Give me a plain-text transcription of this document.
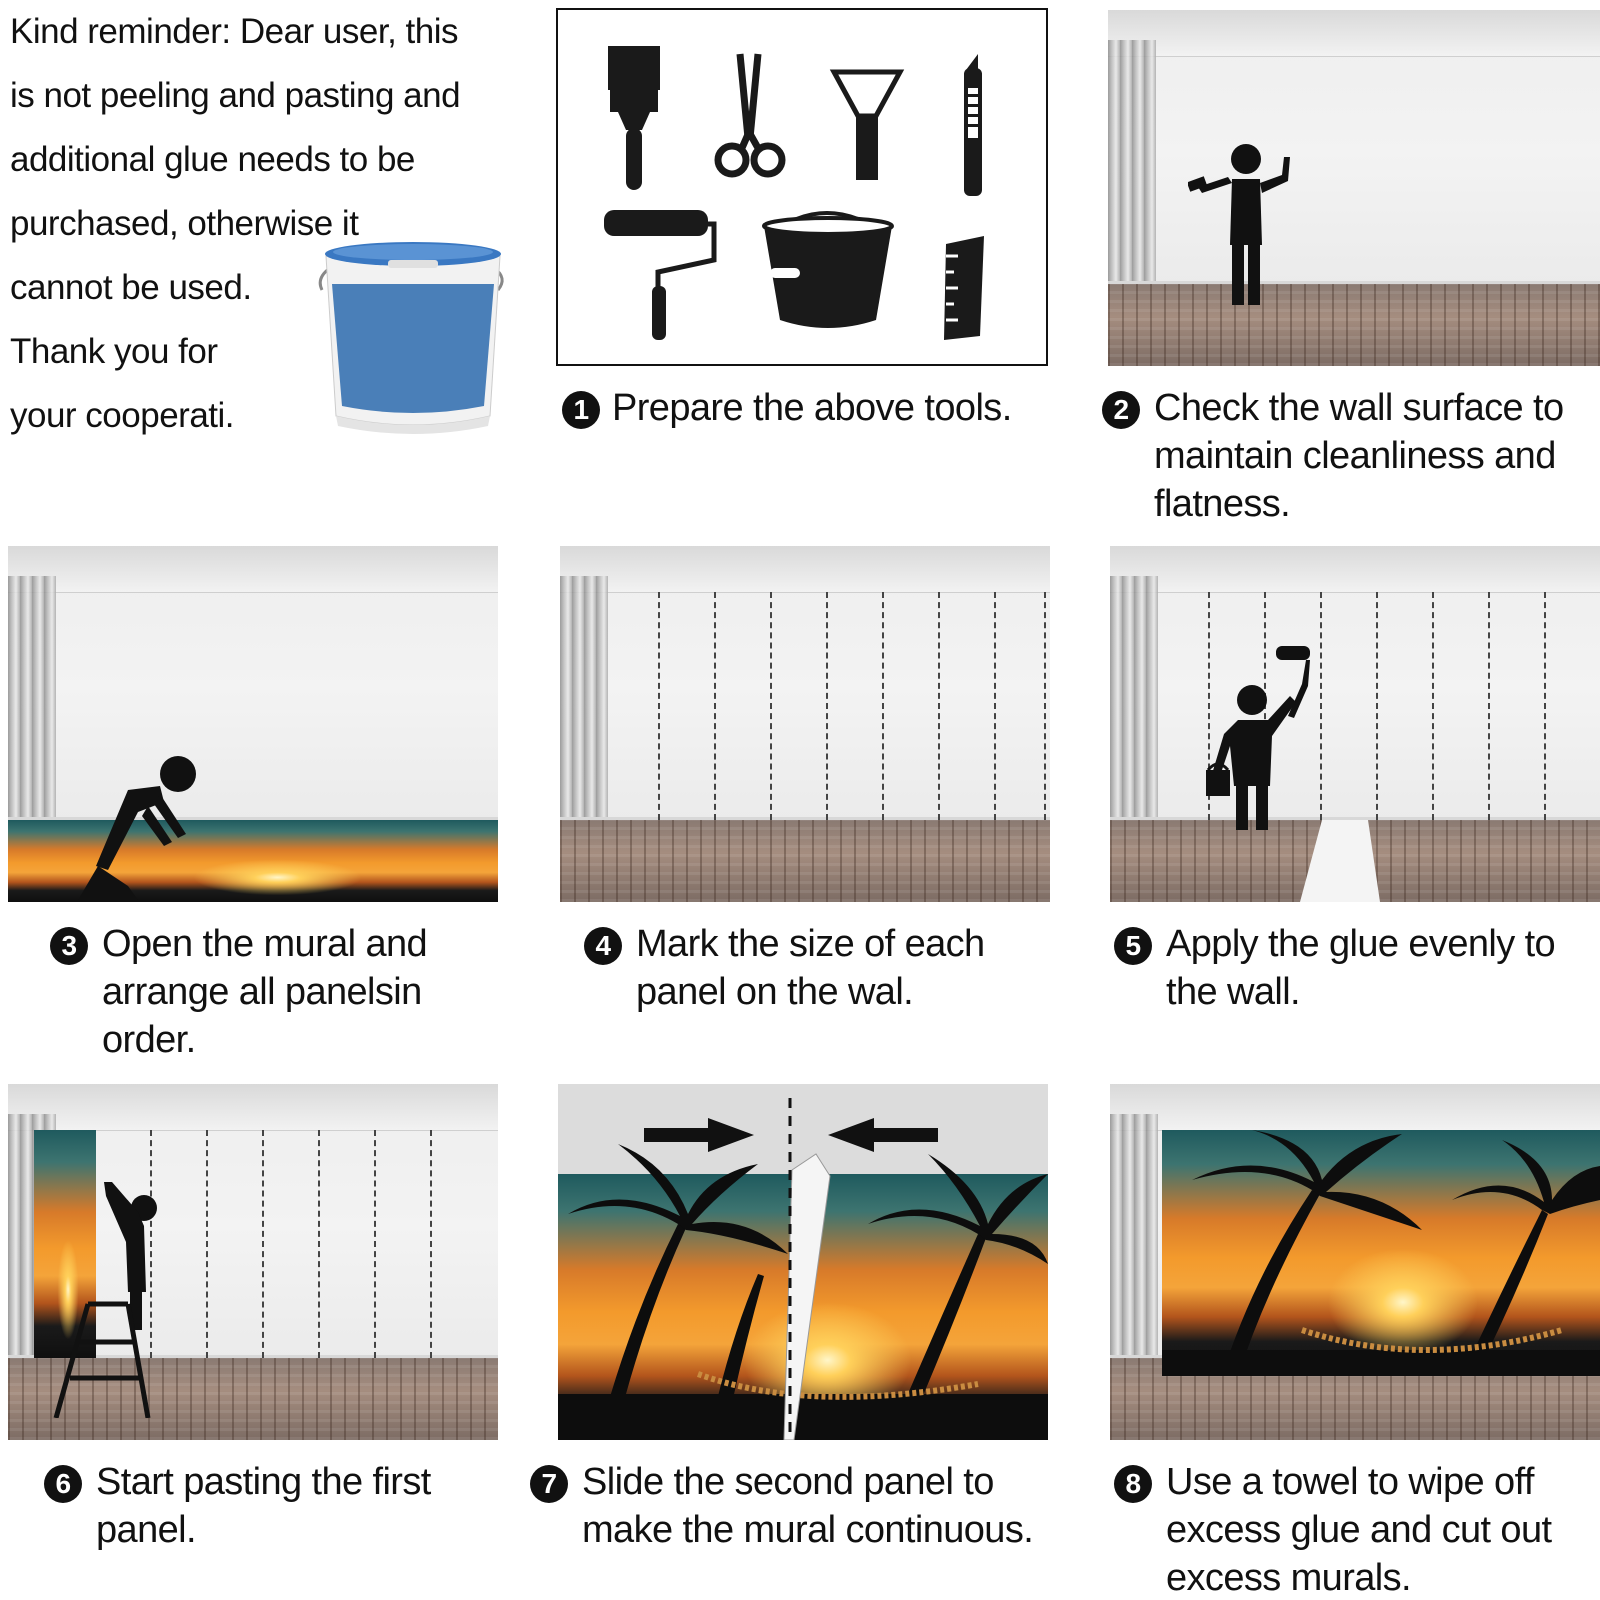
Kind reminder: Dear user, this
is not peeling and pasting and
additional glue needs to be
purchased, otherwise it
cannot be used.
Thank you for
your cooperati.	1 Prepare the above tools.	2 Check the wall surface to
maintain cleanliness and
flatness.
3 Open the mural and
arrange all panelsin
order.
4 Mark the size of each
panel on the wal.
5 Apply the glue evenly to
the wall.
6 Start pasting the first
panel.
7 Slide the second panel to
make the mural continuous.
8 Use a towel to wipe off
excess glue and cut out
excess murals.
